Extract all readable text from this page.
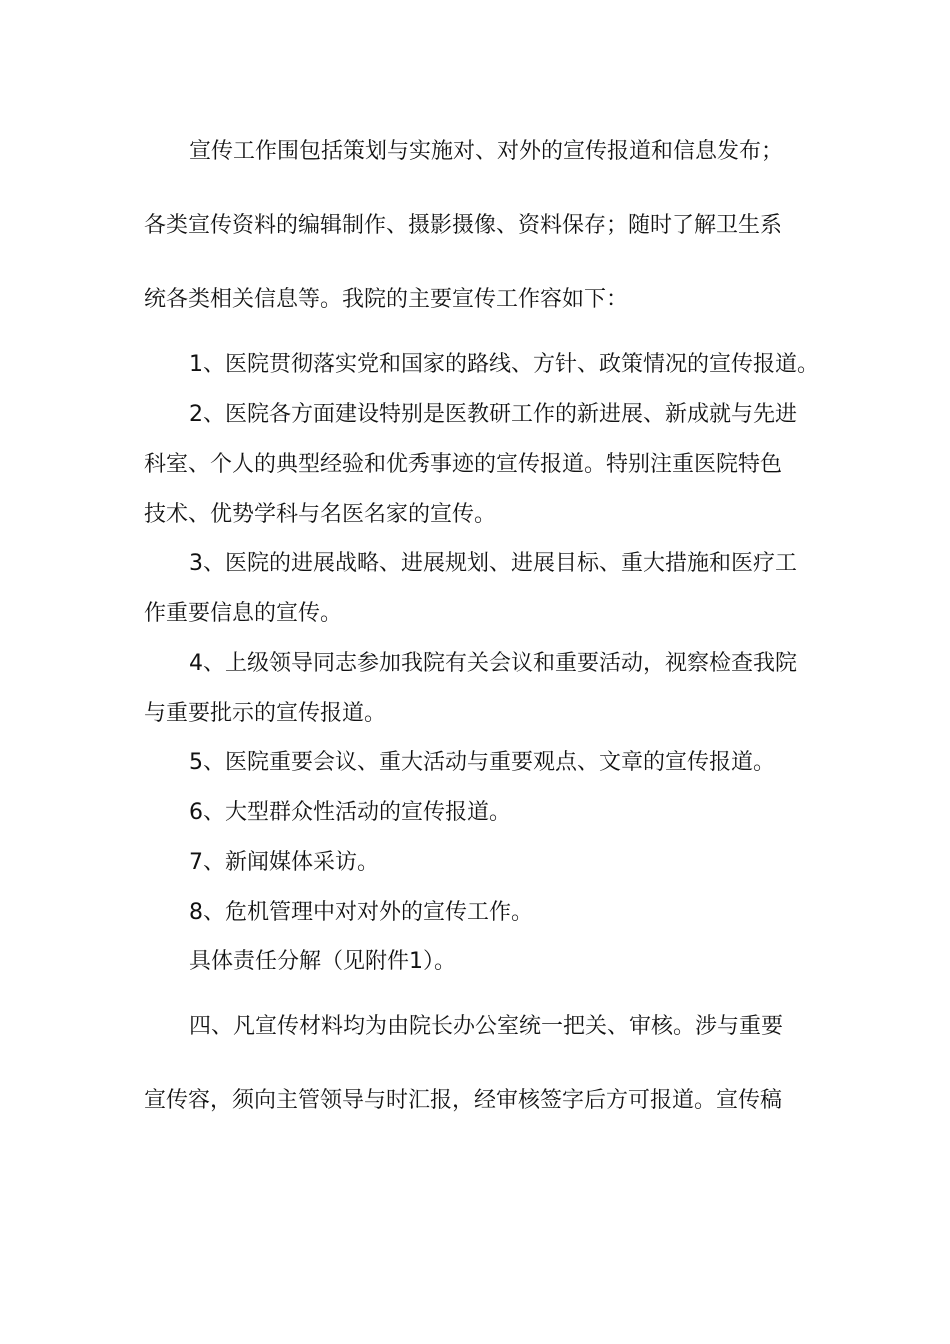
宣传工作围包括策划与实施对、对外的宣传报道和信息发布；
各类宣传资料的编辑制作、摄影摄像、资料保存；随时了解卫生系
统各类相关信息等。我院的主要宣传工作容如下：
1、医院贯彻落实党和国家的路线、方针、政策情况的宣传报道。
2、医院各方面建设特别是医教研工作的新进展、新成就与先进
科室、个人的典型经验和优秀事迹的宣传报道。特别注重医院特色
技术、优势学科与名医名家的宣传。
3、医院的进展战略、进展规划、进展目标、重大措施和医疗工
作重要信息的宣传。
4、上级领导同志参加我院有关会议和重要活动，视察检查我院
与重要批示的宣传报道。
5、医院重要会议、重大活动与重要观点、文章的宣传报道。
6、大型群众性活动的宣传报道。
7、新闻媒体采访。
8、危机管理中对对外的宣传工作。
具体责任分解（见附件1）。
四、凡宣传材料均为由院长办公室统一把关、审核。涉与重要
宣传容，须向主管领导与时汇报，经审核签字后方可报道。宣传稿
